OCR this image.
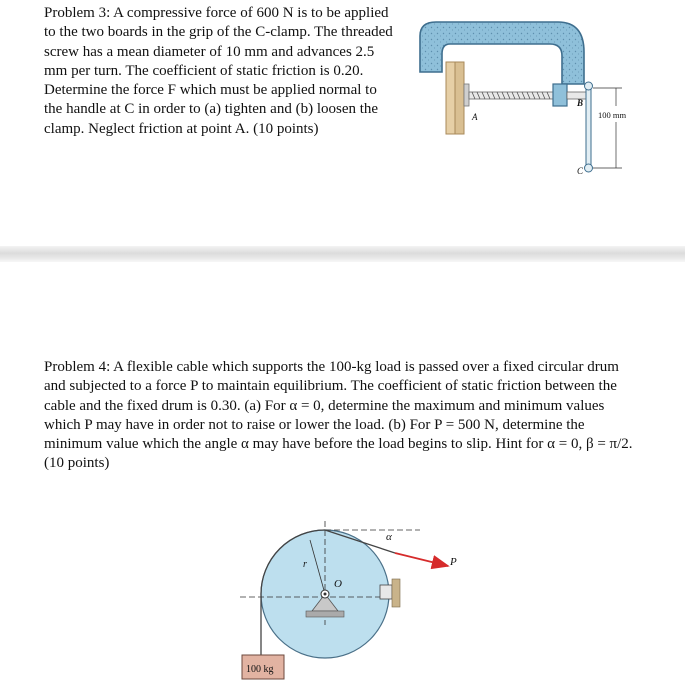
Problem 3: A compressive force of 600 N is to be applied to the two boards in the grip of the C-clamp. The threaded screw has a mean diameter of 10 mm and advances 2.5 mm per turn. The coefficient of static friction is 0.20. Determine the force F which must be applied normal to the handle at C in order to (a) tighten and (b) loosen the clamp. Neglect friction at point A. (10 points)

A
B
C
100 mm

Problem 4: A flexible cable which supports the 100-kg load is passed over a fixed circular drum and subjected to a force P to maintain equilibrium. The coefficient of static friction between the cable and the fixed drum is 0.30. (a) For α = 0, determine the maximum and minimum values which P may have in order not to raise or lower the load. (b) For P = 500 N, determine the minimum value which the angle α may have before the load begins to slip. Hint for α = 0, β = π/2. (10 points)

r
O
α
P
100 kg
